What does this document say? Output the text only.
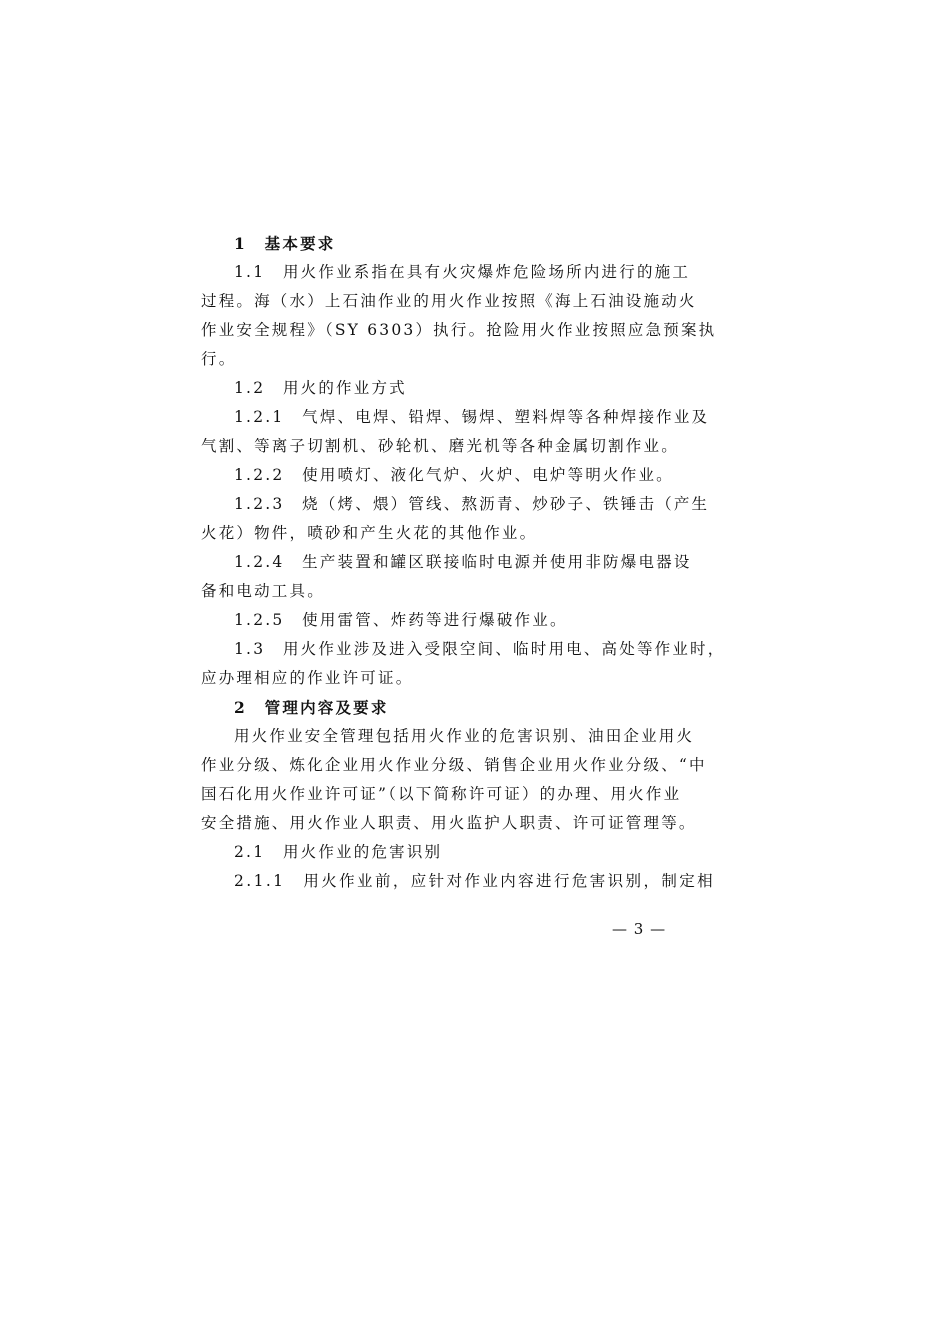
1　基本要求
1.1　用火作业系指在具有火灾爆炸危险场所内进行的施工
过程。海（水）上石油作业的用火作业按照《海上石油设施动火
作业安全规程》（SY 6303）执行。抢险用火作业按照应急预案执
行。
1.2　用火的作业方式
1.2.1　气焊、电焊、铅焊、锡焊、塑料焊等各种焊接作业及
气割、等离子切割机、砂轮机、磨光机等各种金属切割作业。
1.2.2　使用喷灯、液化气炉、火炉、电炉等明火作业。
1.2.3　烧（烤、煨）管线、熬沥青、炒砂子、铁锤击（产生
火花）物件，喷砂和产生火花的其他作业。
1.2.4　生产装置和罐区联接临时电源并使用非防爆电器设
备和电动工具。
1.2.5　使用雷管、炸药等进行爆破作业。
1.3　用火作业涉及进入受限空间、临时用电、高处等作业时，
应办理相应的作业许可证。
2　管理内容及要求
用火作业安全管理包括用火作业的危害识别、油田企业用火
作业分级、炼化企业用火作业分级、销售企业用火作业分级、“中
国石化用火作业许可证”（以下简称许可证）的办理、用火作业
安全措施、用火作业人职责、用火监护人职责、许可证管理等。
2.1　用火作业的危害识别
2.1.1　用火作业前，应针对作业内容进行危害识别，制定相
— 3 —
